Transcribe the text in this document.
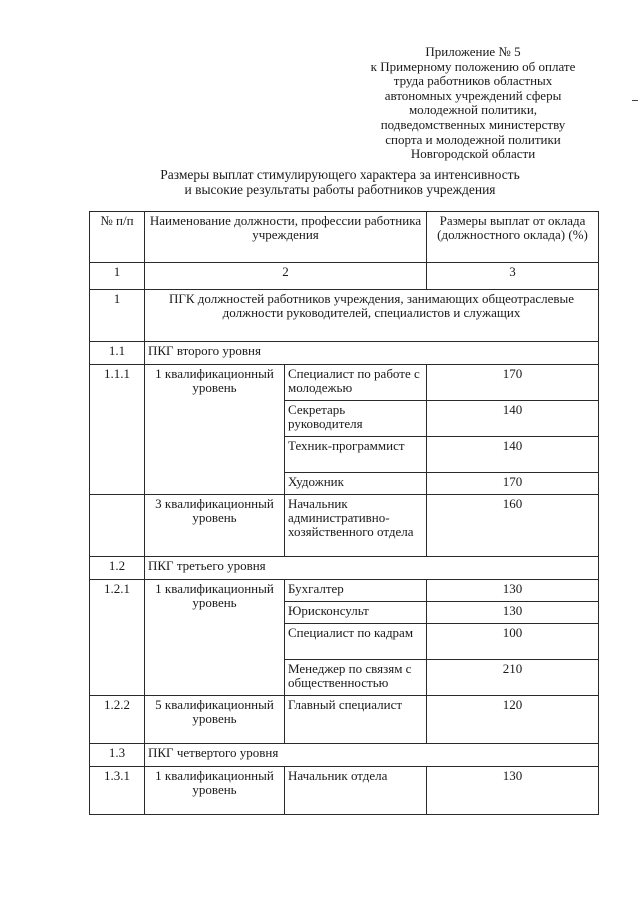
Приложение № 5
к Примерному положению об оплате
труда работников областных
автономных учреждений сферы
молодежной политики,
подведомственных министерству
спорта и молодежной политики
Новгородской области
Размеры выплат стимулирующего характера за интенсивность
и высокие результаты работы работников учреждения
№ п/п	Наименование должности, профессии работника учреждения		Размеры выплат от оклада (должностного оклада) (%)
1	2		3
1	ПГК должностей работников учреждения, занимающих общеотраслевые должности руководителей, специалистов и служащих		
1.1	ПКГ второго уровня		
1.1.1	1 квалификационный уровень	Специалист по работе с молодежью	170
		Секретарь руководителя	140
		Техник-программист	140
		Художник	170
	3 квалификационный уровень	Начальник административно-хозяйственного отдела	160
1.2	ПКГ третьего уровня		
1.2.1	1 квалификационный уровень	Бухгалтер	130
		Юрисконсульт	130
		Специалист по кадрам	100
		Менеджер по связям с общественностью	210
1.2.2	5 квалификационный уровень	Главный специалист	120
1.3	ПКГ четвертого уровня		
1.3.1	1 квалификационный уровень	Начальник отдела	130
